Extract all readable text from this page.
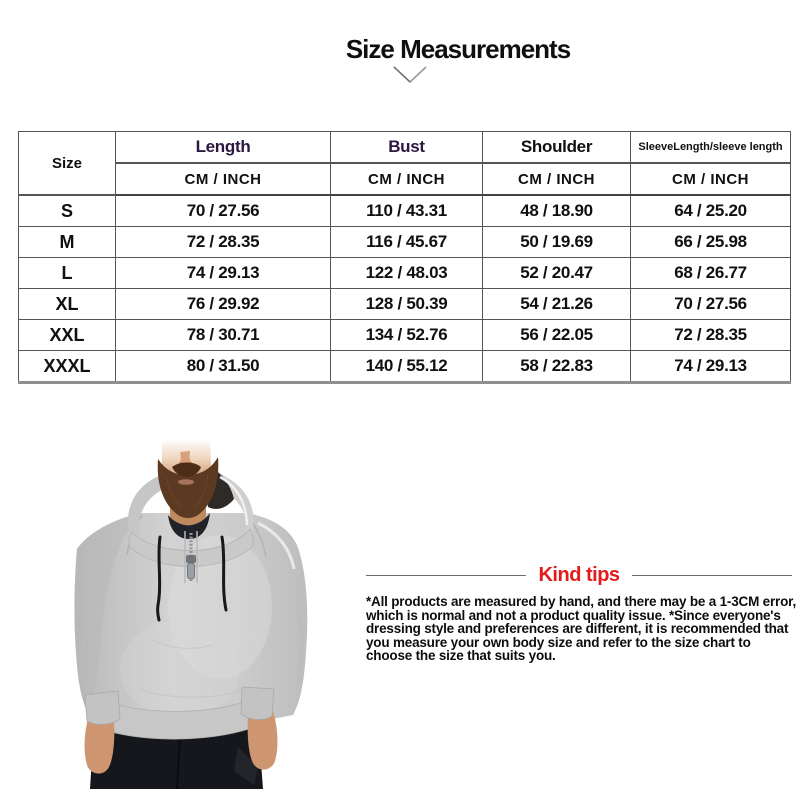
Size Measurements
Size	Length	Bust	Shoulder	SleeveLength/sleeve length
	CM / INCH	CM / INCH	CM / INCH	CM / INCH
S	70 / 27.56	110 / 43.31	48 / 18.90	64 / 25.20
M	72 / 28.35	116 / 45.67	50 / 19.69	66 / 25.98
L	74 / 29.13	122 / 48.03	52 / 20.47	68 / 26.77
XL	76 / 29.92	128 / 50.39	54 / 21.26	70 / 27.56
XXL	78 / 30.71	134 / 52.76	56 / 22.05	72 / 28.35
XXXL	80 / 31.50	140 / 55.12	58 / 22.83	74 / 29.13
Kind tips

*All products are measured by hand, and there may be a 1-3CM error, which is normal and not a product quality issue. *Since everyone's dressing style and preferences are different, it is recommended that you measure your own body size and refer to the size chart to choose the size that suits you.
